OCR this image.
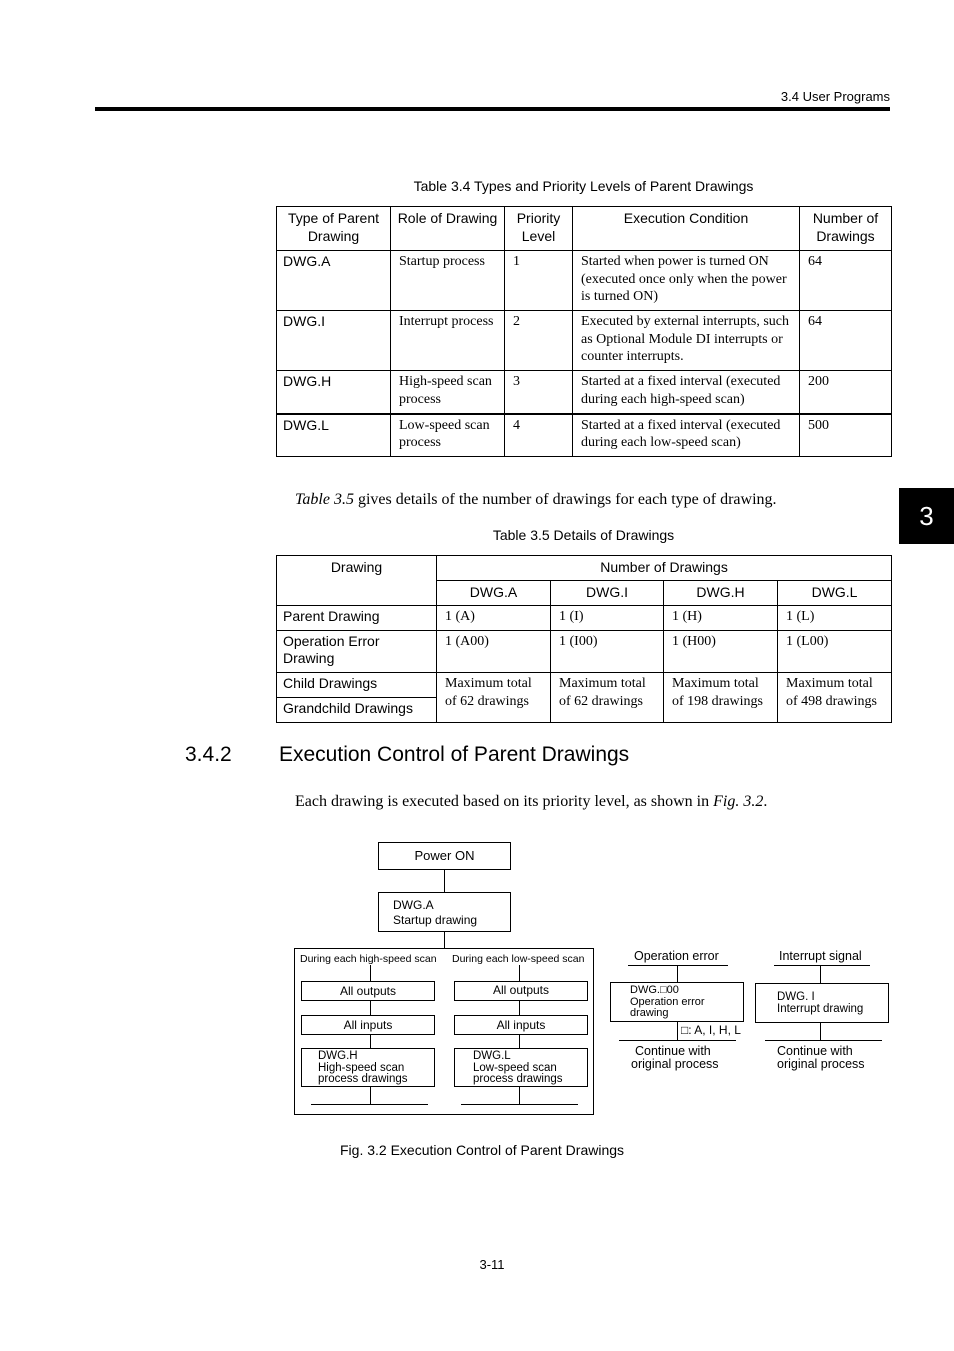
3.4 User Programs
3
Table 3.4 Types and Priority Levels of Parent Drawings
Type of Parent Drawing	Role of Drawing	Priority Level	Execution Condition	Number of Drawings
DWG.A	Startup process	1	Started when power is turned ON (executed once only when the power is turned ON)	64
DWG.I	Interrupt process	2	Executed by external interrupts, such as Optional Module DI interrupts or counter interrupts.	64
DWG.H	High-speed scan process	3	Started at a fixed interval (executed during each high-speed scan)	200
DWG.L	Low-speed scan process	4	Started at a fixed interval (executed during each low-speed scan)	500
Table 3.5 gives details of the number of drawings for each type of drawing.
Table 3.5 Details of Drawings
Drawing	Number of Drawings			
	DWG.A	DWG.I	DWG.H	DWG.L
Parent Drawing	1 (A)	1 (I)	1 (H)	1 (L)
Operation Error Drawing	1 (A00)	1 (I00)	1 (H00)	1 (L00)
Child Drawings	Maximum total of 62 drawings	Maximum total of 62 drawings	Maximum total of 198 drawings	Maximum total of 498 drawings
Grandchild Drawings				
3.4.2 Execution Control of Parent Drawings
Each drawing is executed based on its priority level, as shown in Fig. 3.2.
Power ON
DWG.A
Startup drawing
During each high-speed scan During each low-speed scan
All outputs
All inputs
DWG.H
High-speed scan
process drawings
All outputs
All inputs
DWG.L
Low-speed scan
process drawings
Operation error
DWG.□00
Operation error
drawing
□: A, I, H, L
Continue with
original process
Interrupt signal
DWG. I
Interrupt drawing
Continue with
original process
Fig. 3.2 Execution Control of Parent Drawings
3-11
